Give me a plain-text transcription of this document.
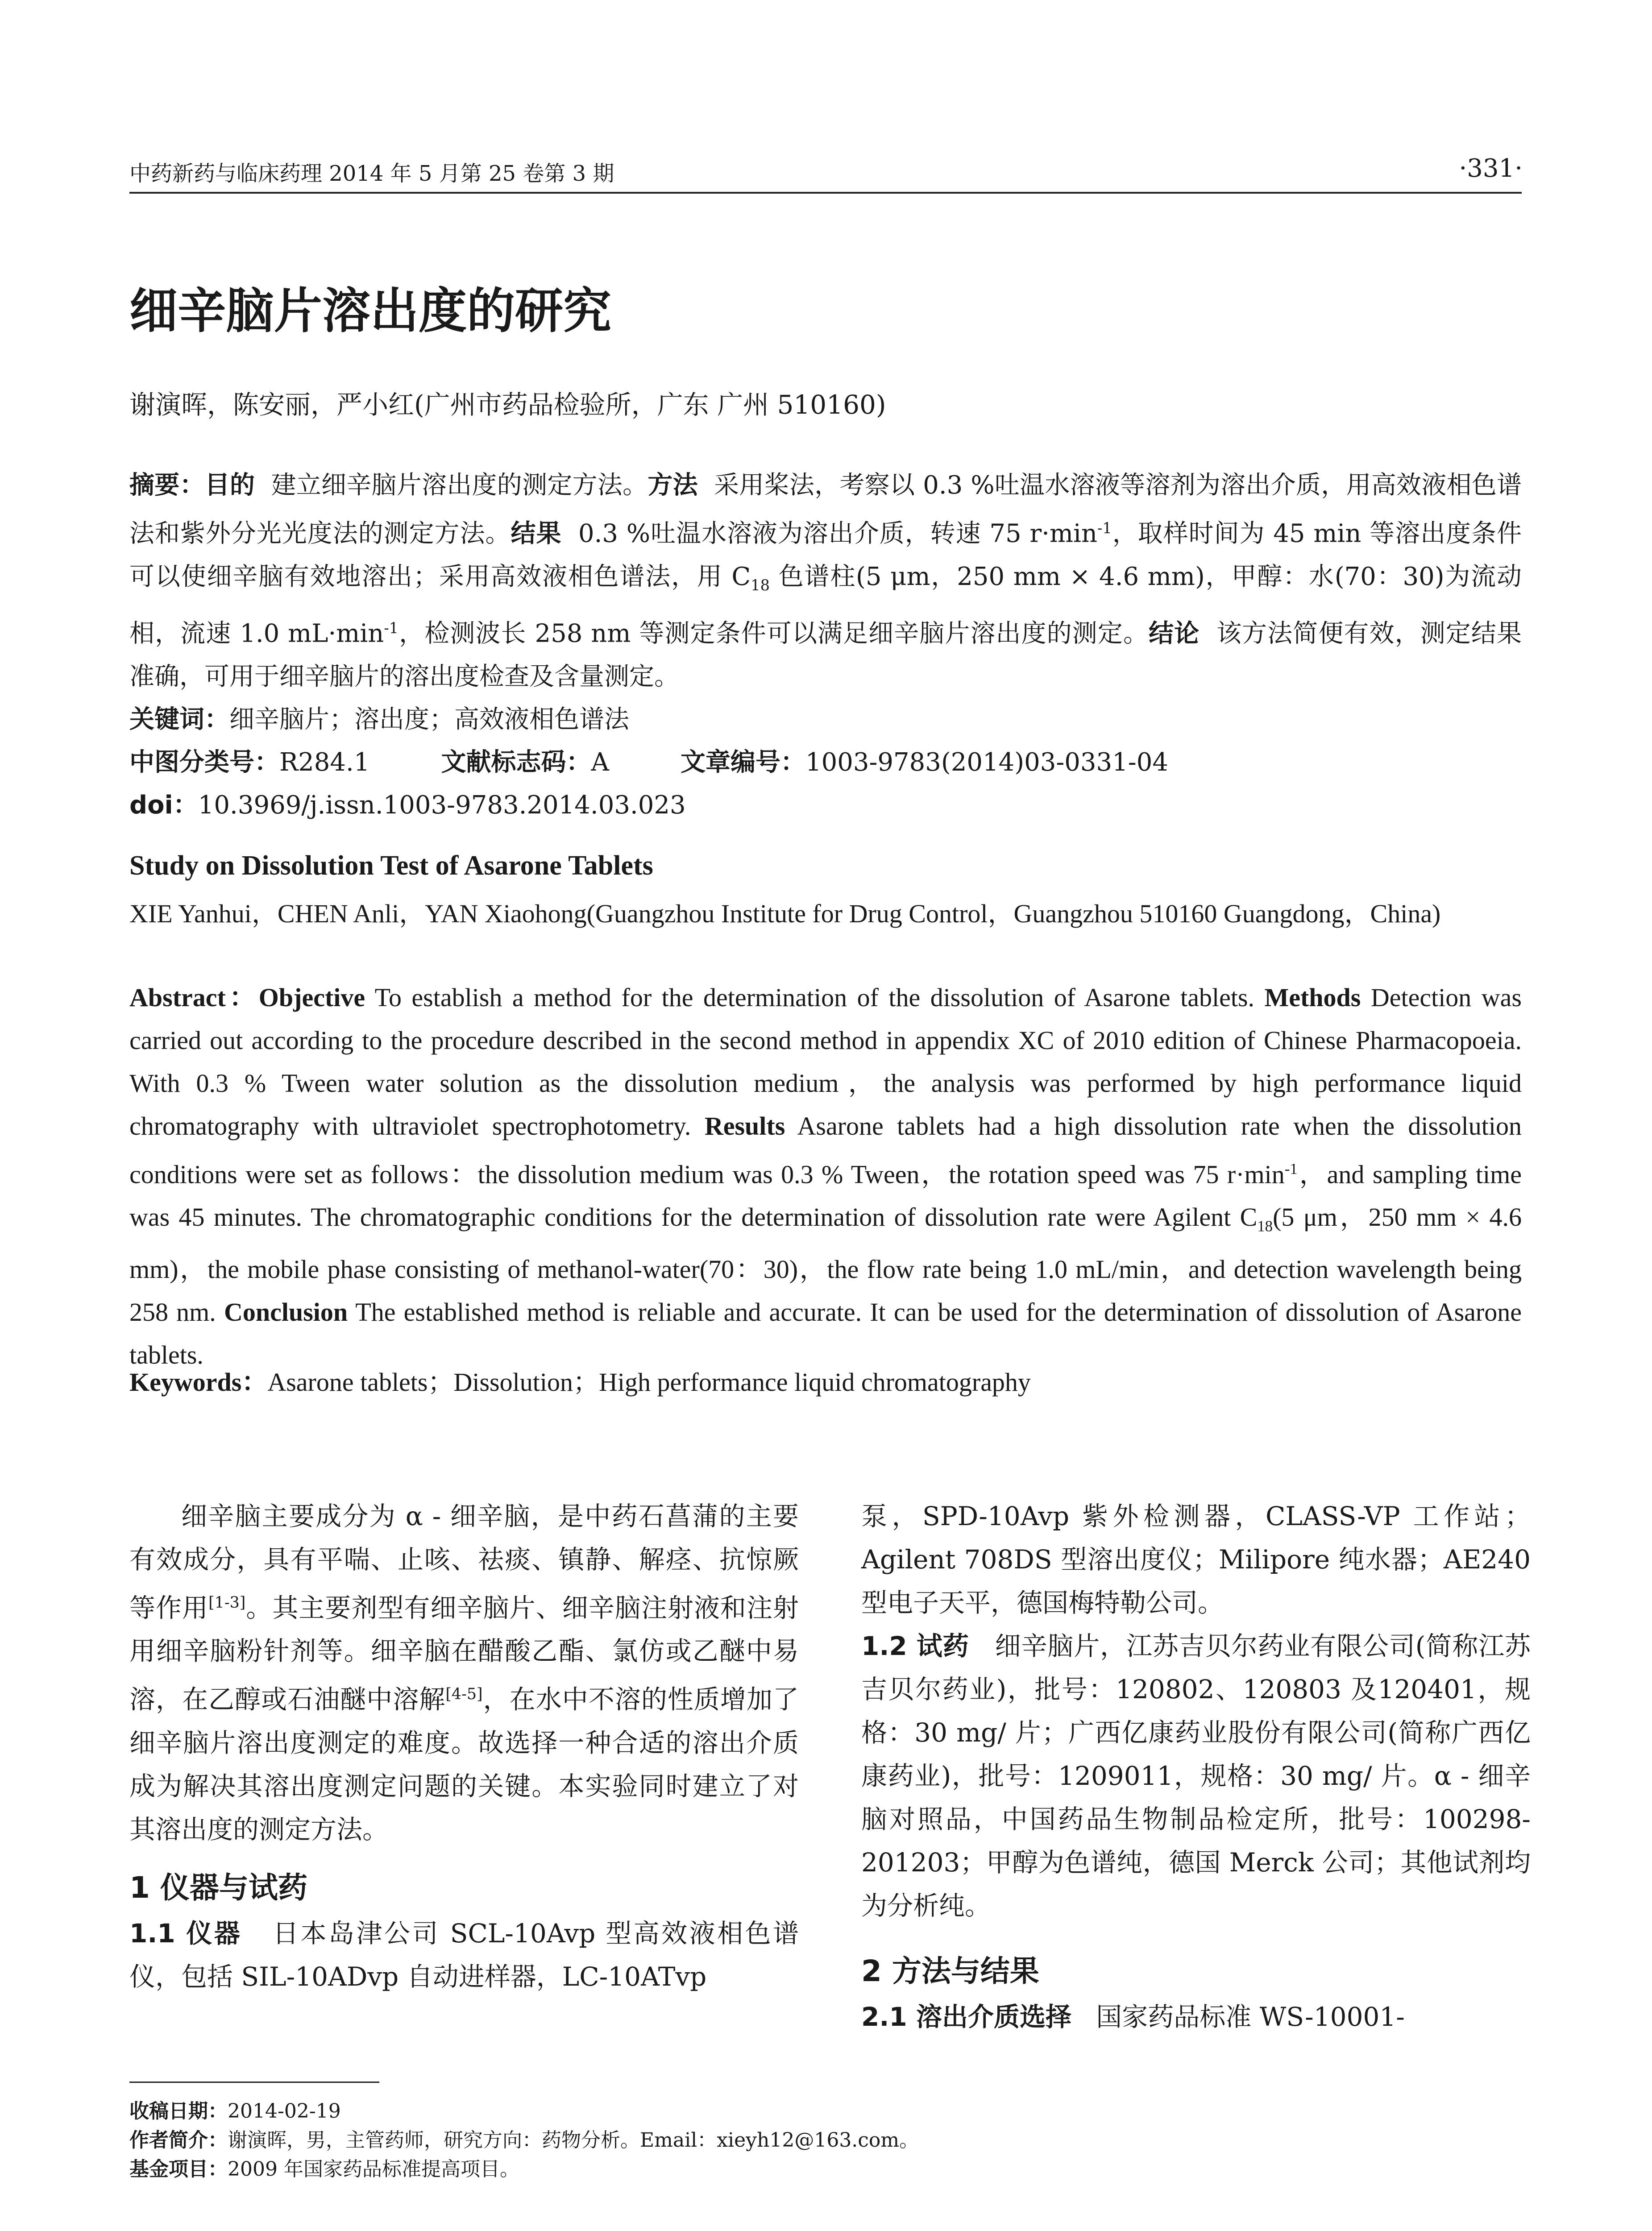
中药新药与临床药理 2014 年 5 月第 25 卷第 3 期	·331·
细辛脑片溶出度的研究
谢演晖，陈安丽，严小红(广州市药品检验所，广东 广州 510160)
摘要：目的 建立细辛脑片溶出度的测定方法。方法 采用桨法，考察以 0.3 %吐温水溶液等溶剂为溶出介质，用高效液相色谱法和紫外分光光度法的测定方法。结果 0.3 %吐温水溶液为溶出介质，转速 75 $r\cdot\min^{-1}$，取样时间为 45 min 等溶出度条件可以使细辛脑有效地溶出；采用高效液相色谱法，用 $C_{18}$ 色谱柱(5 μm，250 mm × 4.6 mm)，甲醇：水(70：30)为流动相，流速 1.0 $mL\cdot\min^{-1}$，检测波长 258 nm 等测定条件可以满足细辛脑片溶出度的测定。结论 该方法简便有效，测定结果准确，可用于细辛脑片的溶出度检查及含量测定。
关键词：细辛脑片；溶出度；高效液相色谱法
中图分类号：R284.1	文献标志码：A	文章编号：1003-9783(2014)03-0331-04
doi：10.3969/j.issn.1003-9783.2014.03.023
Study on Dissolution Test of Asarone Tablets
XIE Yanhui，CHEN Anli，YAN Xiaohong(Guangzhou Institute for Drug Control，Guangzhou 510160 Guangdong，China)
Abstract：Objective To establish a method for the determination of the dissolution of Asarone tablets. Methods Detection was carried out according to the procedure described in the second method in appendix XC of 2010 edition of Chinese Pharmacopoeia. With 0.3 % Tween water solution as the dissolution medium，the analysis was performed by high performance liquid chromatography with ultraviolet spectrophotometry. Results Asarone tablets had a high dissolution rate when the dissolution conditions were set as follows：the dissolution medium was 0.3 % Tween，the rotation speed was 75 $r\cdot\min^{-1}$，and sampling time was 45 minutes. The chromatographic conditions for the determination of dissolution rate were Agilent $C_{18}(5$ μm，250 mm × 4.6 mm)，the mobile phase consisting of methanol-water(70：30)，the flow rate being 1.0 mL/min，and detection wavelength being 258 nm. Conclusion The established method is reliable and accurate. It can be used for the determination of dissolution of Asarone tablets.
Keywords：Asarone tablets；Dissolution；High performance liquid chromatography

细辛脑主要成分为 α - 细辛脑，是中药石菖蒲的主要有效成分，具有平喘、止咳、祛痰、镇静、解痉、抗惊厥等作用[1-3]。其主要剂型有细辛脑片、细辛脑注射液和注射用细辛脑粉针剂等。细辛脑在醋酸乙酯、氯仿或乙醚中易溶，在乙醇或石油醚中溶解[4-5]，在水中不溶的性质增加了细辛脑片溶出度测定的难度。故选择一种合适的溶出介质成为解决其溶出度测定问题的关键。本实验同时建立了对其溶出度的测定方法。

1 仪器与试药

1.1 仪器 日本岛津公司 SCL-10Avp 型高效液相色谱仪，包括 SIL-10ADvp 自动进样器，LC-10ATvp

泵，SPD-10Avp 紫外检测器，CLASS-VP 工作站；Agilent 708DS 型溶出度仪；Milipore 纯水器；AE240 型电子天平，德国梅特勒公司。

1.2 试药 细辛脑片，江苏吉贝尔药业有限公司(简称江苏吉贝尔药业)，批号：120802、120803 及120401，规格：30 mg/ 片；广西亿康药业股份有限公司(简称广西亿康药业)，批号：1209011，规格：30 mg/ 片。α - 细辛脑对照品，中国药品生物制品检定所，批号：100298-201203；甲醇为色谱纯，德国 Merck 公司；其他试剂均为分析纯。

2 方法与结果

2.1 溶出介质选择 国家药品标准 WS-10001-

收稿日期：2014-02-19
作者简介：谢演晖，男，主管药师，研究方向：药物分析。Email：xieyh12@163.com。
基金项目：2009 年国家药品标准提高项目。
